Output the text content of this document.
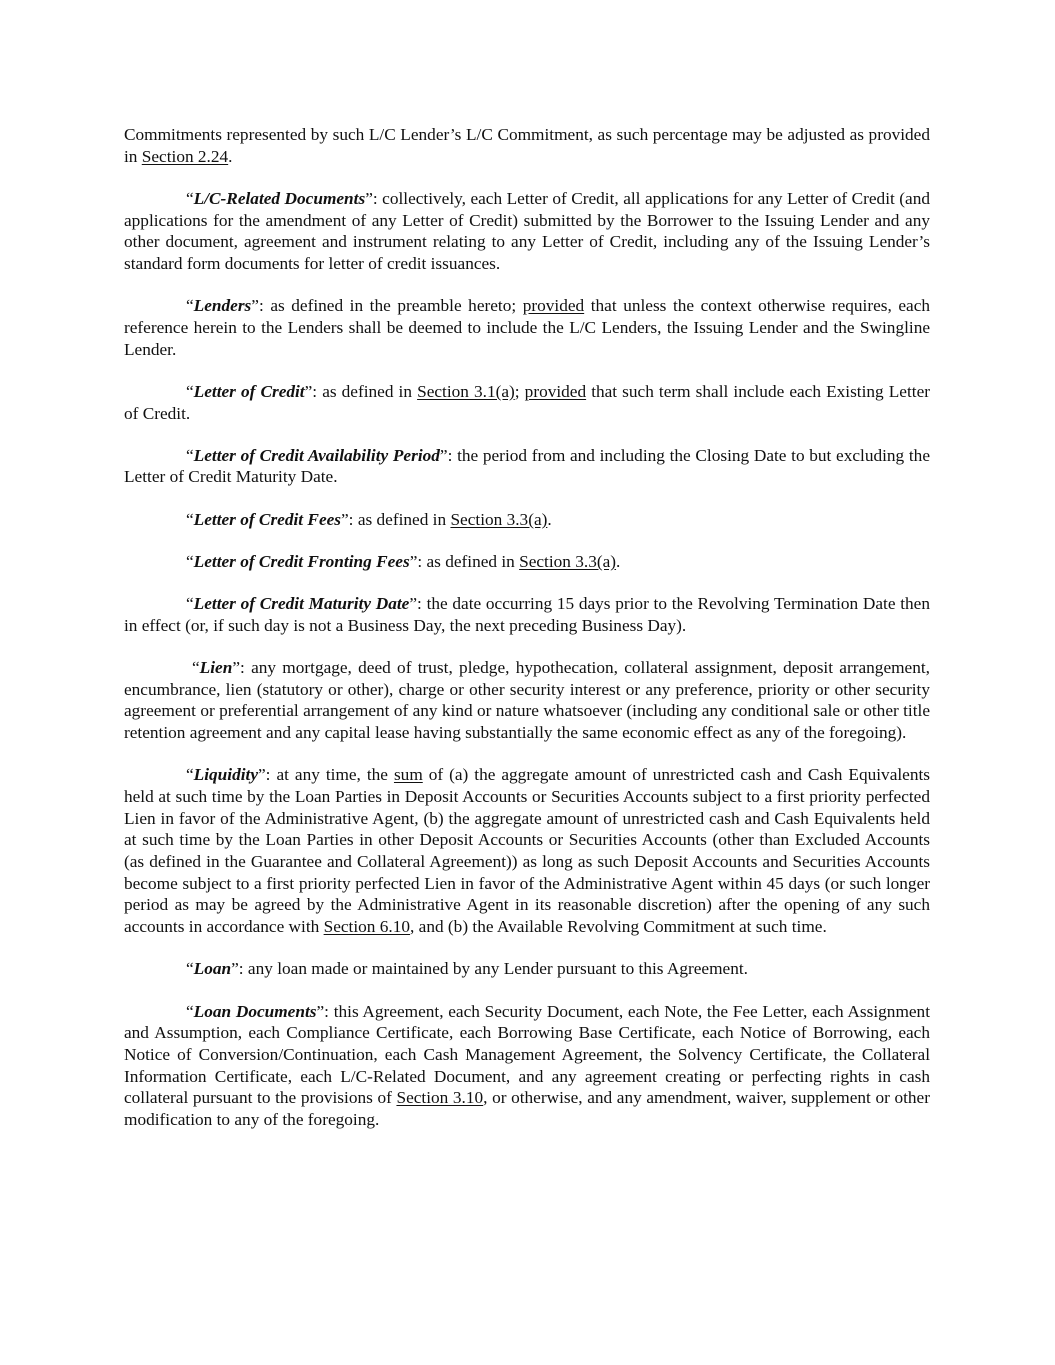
Commitments represented by such L/C Lender’s L/C Commitment, as such percentage may be adjusted as provided in Section 2.24.

“L/C-Related Documents”: collectively, each Letter of Credit, all applications for any Letter of Credit (and applications for the amendment of any Letter of Credit) submitted by the Borrower to the Issuing Lender and any other document, agreement and instrument relating to any Letter of Credit, including any of the Issuing Lender’s standard form documents for letter of credit issuances.

“Lenders”: as defined in the preamble hereto; provided that unless the context otherwise requires, each reference herein to the Lenders shall be deemed to include the L/C Lenders, the Issuing Lender and the Swingline Lender.

“Letter of Credit”: as defined in Section 3.1(a); provided that such term shall include each Existing Letter of Credit.

“Letter of Credit Availability Period”: the period from and including the Closing Date to but excluding the Letter of Credit Maturity Date.

“Letter of Credit Fees”: as defined in Section 3.3(a).

“Letter of Credit Fronting Fees”: as defined in Section 3.3(a).

“Letter of Credit Maturity Date”: the date occurring 15 days prior to the Revolving Termination Date then in effect (or, if such day is not a Business Day, the next preceding Business Day).

“Lien”: any mortgage, deed of trust, pledge, hypothecation, collateral assignment, deposit arrangement, encumbrance, lien (statutory or other), charge or other security interest or any preference, priority or other security agreement or preferential arrangement of any kind or nature whatsoever (including any conditional sale or other title retention agreement and any capital lease having substantially the same economic effect as any of the foregoing).

“Liquidity”: at any time, the sum of (a) the aggregate amount of unrestricted cash and Cash Equivalents held at such time by the Loan Parties in Deposit Accounts or Securities Accounts subject to a first priority perfected Lien in favor of the Administrative Agent, (b) the aggregate amount of unrestricted cash and Cash Equivalents held at such time by the Loan Parties in other Deposit Accounts or Securities Accounts (other than Excluded Accounts (as defined in the Guarantee and Collateral Agreement)) as long as such Deposit Accounts and Securities Accounts become subject to a first priority perfected Lien in favor of the Administrative Agent within 45 days (or such longer period as may be agreed by the Administrative Agent in its reasonable discretion) after the opening of any such accounts in accordance with Section 6.10, and (b) the Available Revolving Commitment at such time.

“Loan”: any loan made or maintained by any Lender pursuant to this Agreement.

“Loan Documents”: this Agreement, each Security Document, each Note, the Fee Letter, each Assignment and Assumption, each Compliance Certificate, each Borrowing Base Certificate, each Notice of Borrowing, each Notice of Conversion/Continuation, each Cash Management Agreement, the Solvency Certificate, the Collateral Information Certificate, each L/C-Related Document, and any agreement creating or perfecting rights in cash collateral pursuant to the provisions of Section 3.10, or otherwise, and any amendment, waiver, supplement or other modification to any of the foregoing.
